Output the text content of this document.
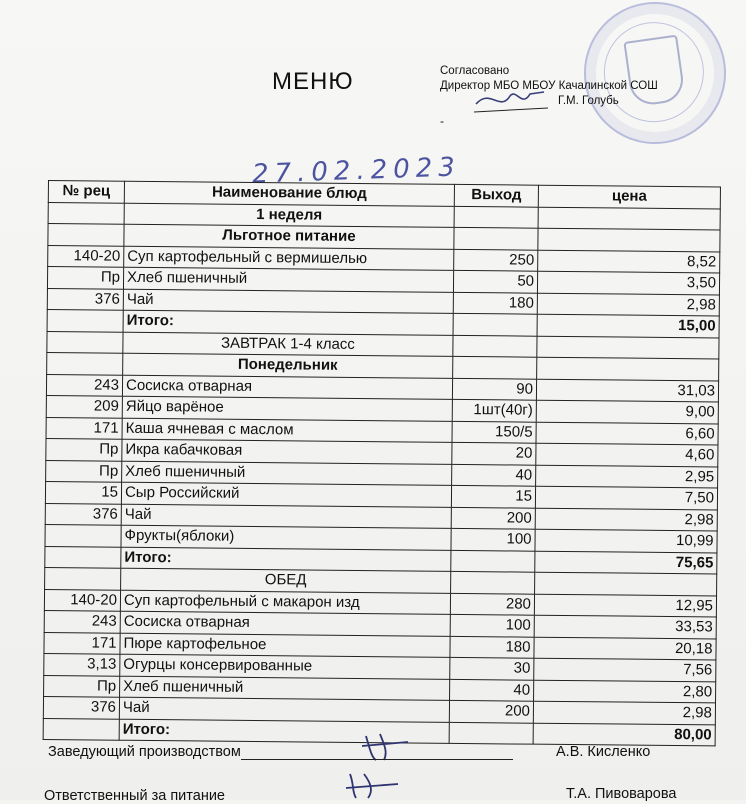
МЕНЮ	Согласовано
Директор МБО МБОУ Качалинской СОШ
Г.М. Голубь
-
27.02.2023
№ рец	Наименование блюд	Выход	цена
	1 неделя		
	Льготное питание		
140-20	Суп картофельный с вермишелью	250	8,52
Пр	Хлеб пшеничный	50	3,50
376	Чай	180	2,98
	Итого:		15,00
	ЗАВТРАК 1-4 класс		
	Понедельник		
243	Сосиска отварная	90	31,03
209	Яйцо варёное	1шт(40г)	9,00
171	Каша ячневая с маслом	150/5	6,60
Пр	Икра кабачковая	20	4,60
Пр	Хлеб пшеничный	40	2,95
15	Сыр Российский	15	7,50
376	Чай	200	2,98
	Фрукты(яблоки)	100	10,99
	Итого:		75,65
	ОБЕД		
140-20	Суп картофельный с макарон изд	280	12,95
243	Сосиска отварная	100	33,53
171	Пюре картофельное	180	20,18
3,13	Огурцы консервированные	30	7,56
Пр	Хлеб пшеничный	40	2,80
376	Чай	200	2,98
	Итого:		80,00
Заведующий производством	А.В. Кисленко
Ответственный за питание	Т.А. Пивоварова
